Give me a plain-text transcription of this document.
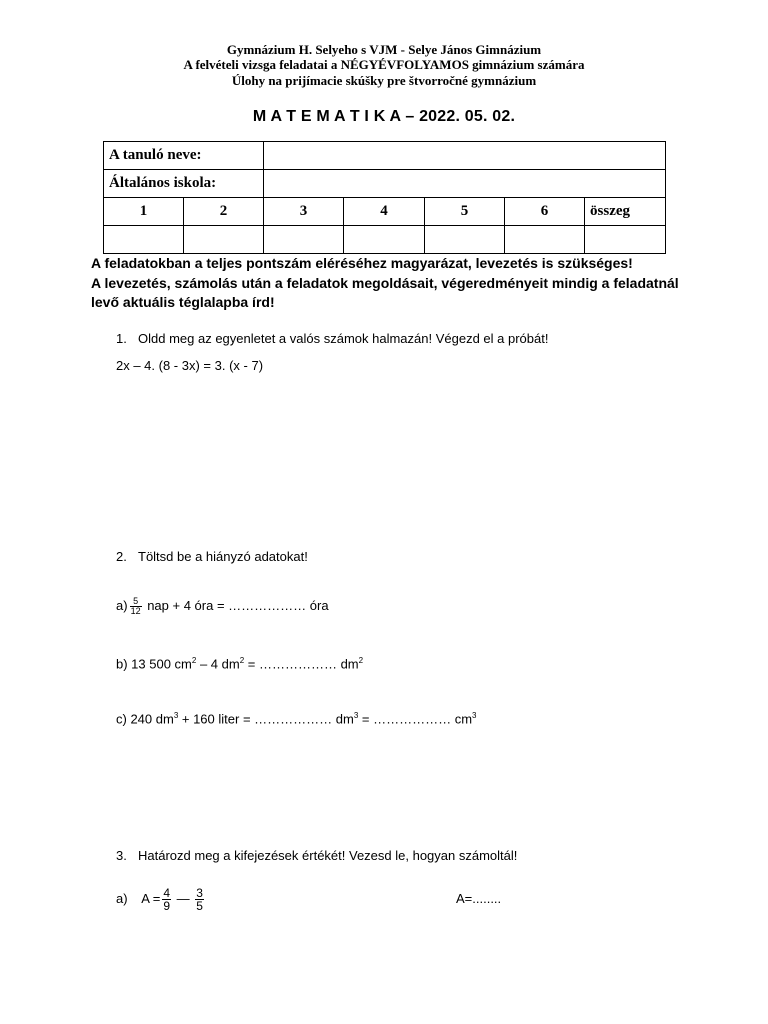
Gymnázium H. Selyeho s VJM - Selye János Gimnázium
A felvételi vizsga feladatai a NÉGYÉVFOLYAMOS gimnázium számára
Úlohy na prijímacie skúšky pre štvorročné gymnázium
M A T E M A T I K A – 2022. 05. 02.
A tanuló neve:						
Általános iskola:						
1	2	3	4	5	6	összeg

A feladatokban a teljes pontszám eléréséhez magyarázat, levezetés is szükséges!
A levezetés, számolás után a feladatok megoldásait, végeredményeit mindig a feladatnál levő aktuális téglalapba írd!
1. Oldd meg az egyenletet a valós számok halmazán! Végezd el a próbát!
2x – 4. (8 - 3x) = 3. (x - 7)
2. Töltsd be a hiányzó adatokat!
$a) \frac{5}{12}$ nap + 4 óra = ……………… óra
b) 13 500 $cm^2 - 4$ $dm^2$ = ……………… $dm^2$
c) 240 $dm^3 + 160$ liter = ……………… $dm^3$ = ……………… $cm^3$
3. Határozd meg a kifejezések értékét! Vezesd le, hogyan számoltál!
a) $A = \frac{4}{9}$ — $\frac{3}{5}$	A=........
